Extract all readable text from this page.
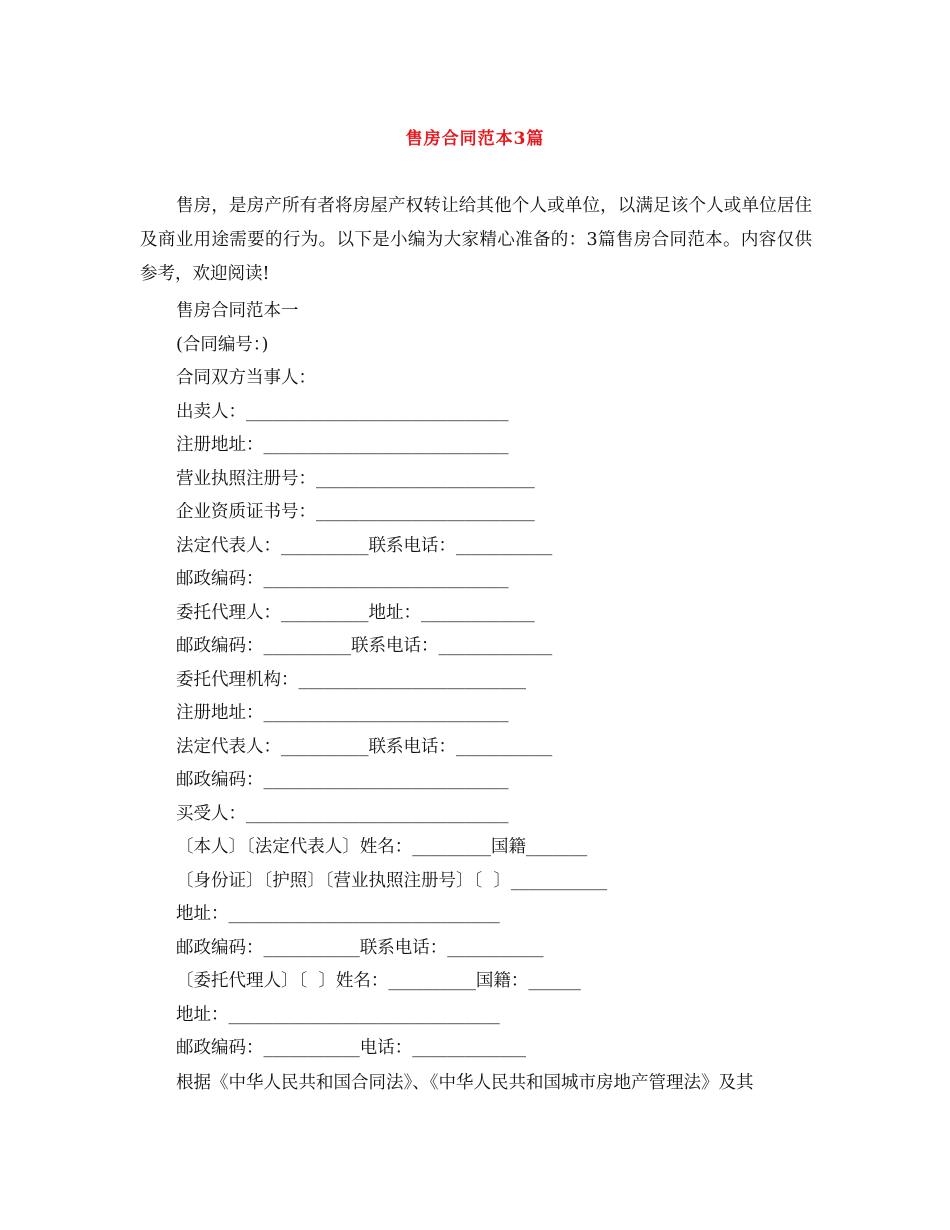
售房合同范本3篇

售房，是房产所有者将房屋产权转让给其他个人或单位，以满足该个人或单位居住及商业用途需要的行为。以下是小编为大家精心准备的：3篇售房合同范本。内容仅供参考，欢迎阅读!

售房合同范本一
(合同编号：)
合同双方当事人：
出卖人：______________________________
注册地址：____________________________
营业执照注册号：_________________________
企业资质证书号：_________________________
法定代表人：__________联系电话：___________
邮政编码：____________________________
委托代理人：__________地址：_____________
邮政编码：__________联系电话：_____________
委托代理机构：__________________________
注册地址：____________________________
法定代表人：__________联系电话：___________
邮政编码：____________________________
买受人：______________________________
〔本人〕〔法定代表人〕姓名：_________国籍_______
〔身份证〕〔护照〕〔营业执照注册号〕〔  〕___________
地址：_______________________________
邮政编码：___________联系电话：___________
〔委托代理人〕〔  〕姓名：__________国籍：______
地址：_______________________________
邮政编码：___________电话：_____________
根据《中华人民共和国合同法》、《中华人民共和国城市房地产管理法》及其
